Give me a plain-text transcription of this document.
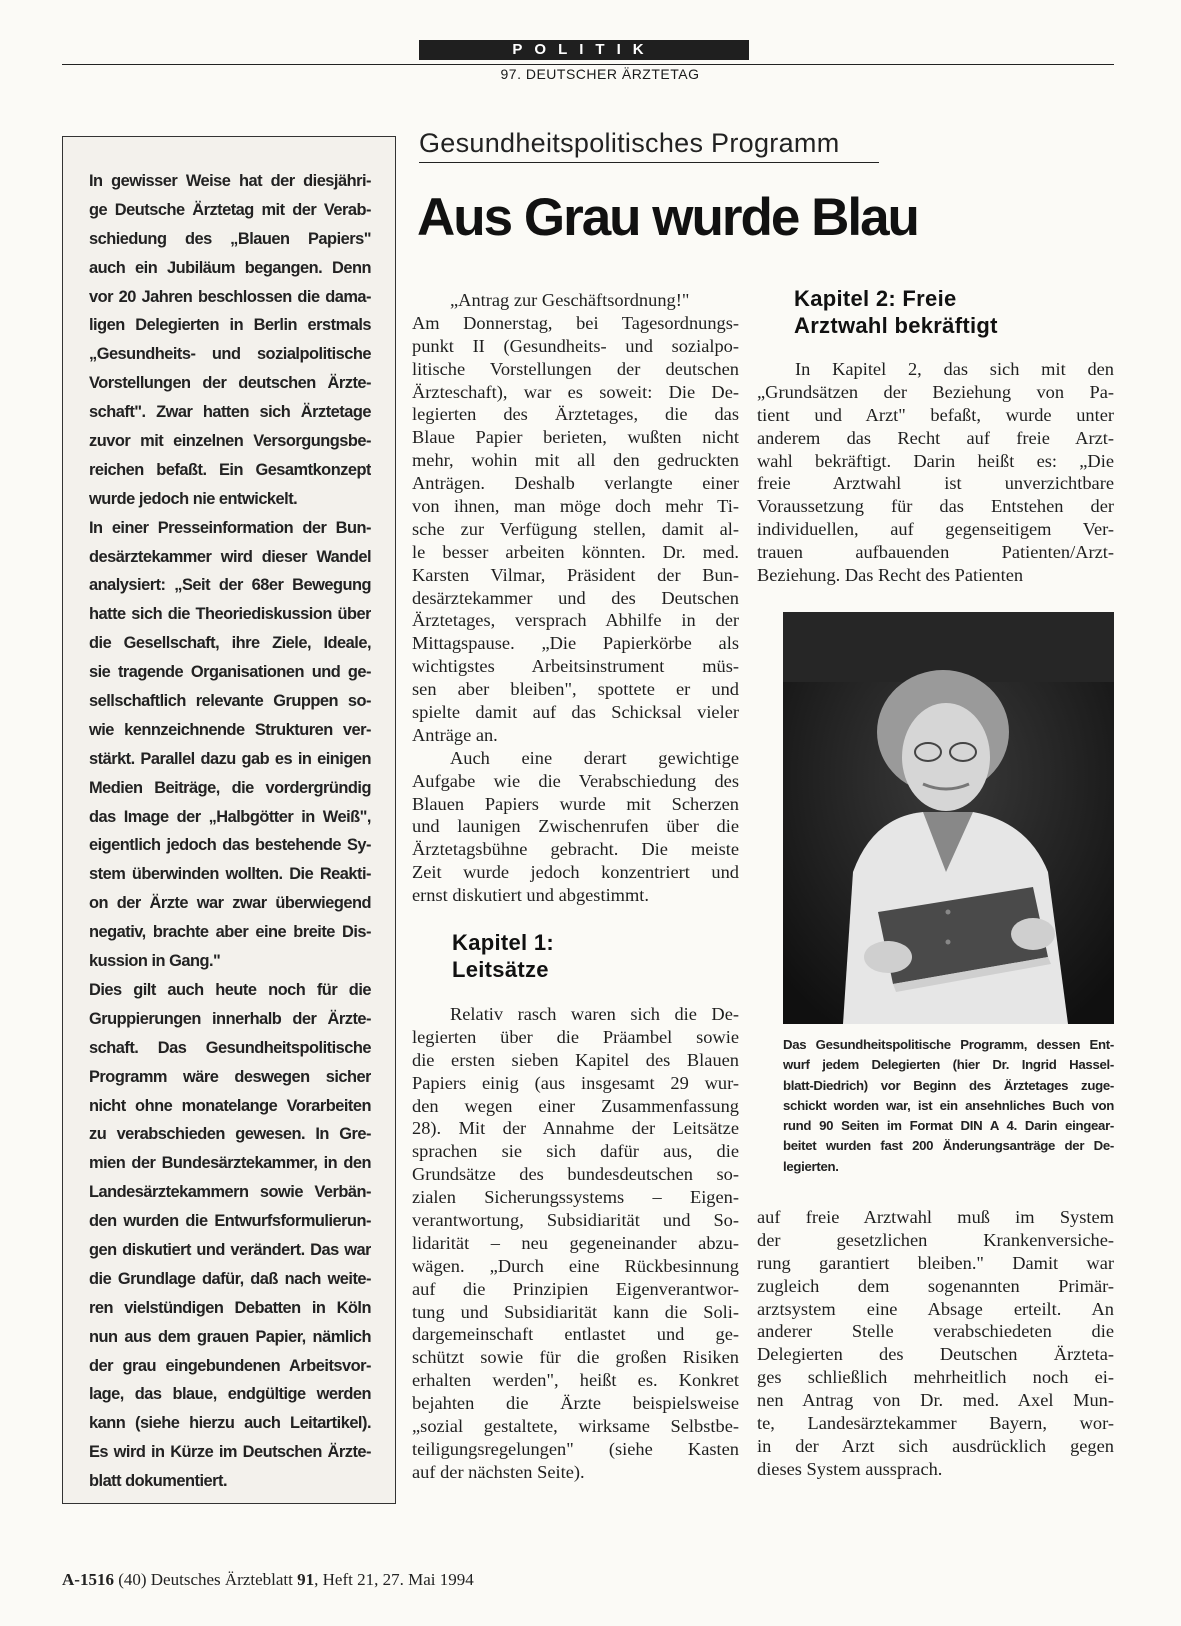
POLITIK
97. DEUTSCHER ÄRZTETAG
In gewisser Weise hat der diesjähri-
ge Deutsche Ärztetag mit der Verab-
schiedung des „Blauen Papiers"
auch ein Jubiläum begangen. Denn
vor 20 Jahren beschlossen die dama-
ligen Delegierten in Berlin erstmals
„Gesundheits- und sozialpolitische
Vorstellungen der deutschen Ärzte-
schaft". Zwar hatten sich Ärztetage
zuvor mit einzelnen Versorgungsbe-
reichen befaßt. Ein Gesamtkonzept
wurde jedoch nie entwickelt.
In einer Presseinformation der Bun-
desärztekammer wird dieser Wandel
analysiert: „Seit der 68er Bewegung
hatte sich die Theoriediskussion über
die Gesellschaft, ihre Ziele, Ideale,
sie tragende Organisationen und ge-
sellschaftlich relevante Gruppen so-
wie kennzeichnende Strukturen ver-
stärkt. Parallel dazu gab es in einigen
Medien Beiträge, die vordergründig
das Image der „Halbgötter in Weiß",
eigentlich jedoch das bestehende Sy-
stem überwinden wollten. Die Reakti-
on der Ärzte war zwar überwiegend
negativ, brachte aber eine breite Dis-
kussion in Gang."
Dies gilt auch heute noch für die
Gruppierungen innerhalb der Ärzte-
schaft. Das Gesundheitspolitische
Programm wäre deswegen sicher
nicht ohne monatelange Vorarbeiten
zu verabschieden gewesen. In Gre-
mien der Bundesärztekammer, in den
Landesärztekammern sowie Verbän-
den wurden die Entwurfsformulierun-
gen diskutiert und verändert. Das war
die Grundlage dafür, daß nach weite-
ren vielstündigen Debatten in Köln
nun aus dem grauen Papier, nämlich
der grau eingebundenen Arbeitsvor-
lage, das blaue, endgültige werden
kann (siehe hierzu auch Leitartikel).
Es wird in Kürze im Deutschen Ärzte-
blatt dokumentiert.
Gesundheitspolitisches Programm
Aus Grau wurde Blau
„Antrag zur Geschäftsordnung!"
Am Donnerstag, bei Tagesordnungs-
punkt II (Gesundheits- und sozialpo-
litische Vorstellungen der deutschen
Ärzteschaft), war es soweit: Die De-
legierten des Ärztetages, die das
Blaue Papier berieten, wußten nicht
mehr, wohin mit all den gedruckten
Anträgen. Deshalb verlangte einer
von ihnen, man möge doch mehr Ti-
sche zur Verfügung stellen, damit al-
le besser arbeiten könnten. Dr. med.
Karsten Vilmar, Präsident der Bun-
desärztekammer und des Deutschen
Ärztetages, versprach Abhilfe in der
Mittagspause. „Die Papierkörbe als
wichtigstes Arbeitsinstrument müs-
sen aber bleiben", spottete er und
spielte damit auf das Schicksal vieler
Anträge an.
Auch eine derart gewichtige
Aufgabe wie die Verabschiedung des
Blauen Papiers wurde mit Scherzen
und launigen Zwischenrufen über die
Ärztetagsbühne gebracht. Die meiste
Zeit wurde jedoch konzentriert und
ernst diskutiert und abgestimmt.
Kapitel 1:
Leitsätze
Relativ rasch waren sich die De-
legierten über die Präambel sowie
die ersten sieben Kapitel des Blauen
Papiers einig (aus insgesamt 29 wur-
den wegen einer Zusammenfassung
28). Mit der Annahme der Leitsätze
sprachen sie sich dafür aus, die
Grundsätze des bundesdeutschen so-
zialen Sicherungssystems – Eigen-
verantwortung, Subsidiarität und So-
lidarität – neu gegeneinander abzu-
wägen. „Durch eine Rückbesinnung
auf die Prinzipien Eigenverantwor-
tung und Subsidiarität kann die Soli-
dargemeinschaft entlastet und ge-
schützt sowie für die großen Risiken
erhalten werden", heißt es. Konkret
bejahten die Ärzte beispielsweise
„sozial gestaltete, wirksame Selbstbe-
teiligungsregelungen" (siehe Kasten
auf der nächsten Seite).
Kapitel 2: Freie
Arztwahl bekräftigt
In Kapitel 2, das sich mit den
„Grundsätzen der Beziehung von Pa-
tient und Arzt" befaßt, wurde unter
anderem das Recht auf freie Arzt-
wahl bekräftigt. Darin heißt es: „Die
freie Arztwahl ist unverzichtbare
Voraussetzung für das Entstehen der
individuellen, auf gegenseitigem Ver-
trauen aufbauenden Patienten/Arzt-
Beziehung. Das Recht des Patienten
Das Gesundheitspolitische Programm, dessen Ent-
wurf jedem Delegierten (hier Dr. Ingrid Hassel-
blatt-Diedrich) vor Beginn des Ärztetages zuge-
schickt worden war, ist ein ansehnliches Buch von
rund 90 Seiten im Format DIN A 4. Darin eingear-
beitet wurden fast 200 Änderungsanträge der De-
legierten.
auf freie Arztwahl muß im System
der gesetzlichen Krankenversiche-
rung garantiert bleiben." Damit war
zugleich dem sogenannten Primär-
arztsystem eine Absage erteilt. An
anderer Stelle verabschiedeten die
Delegierten des Deutschen Ärzteta-
ges schließlich mehrheitlich noch ei-
nen Antrag von Dr. med. Axel Mun-
te, Landesärztekammer Bayern, wor-
in der Arzt sich ausdrücklich gegen
dieses System aussprach.
A-1516 (40) Deutsches Ärzteblatt 91, Heft 21, 27. Mai 1994
